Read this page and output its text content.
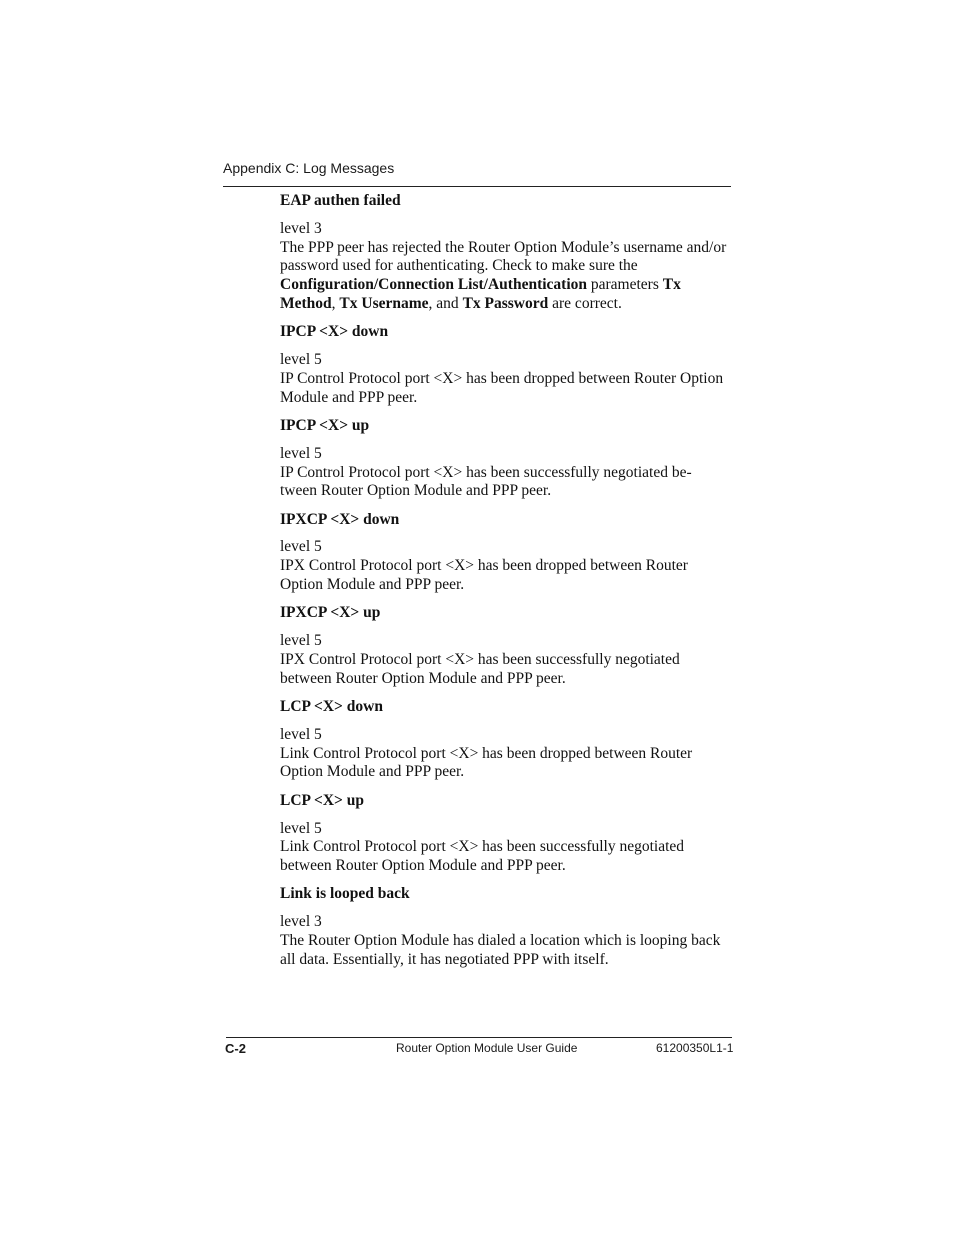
Appendix C: Log Messages
EAP authen failed
level 3
The PPP peer has rejected the Router Option Module’s username and/or password used for authenticating. Check to make sure the Configuration/Connection List/Authentication parameters Tx Method, Tx Username, and Tx Password are correct.
IPCP <X> down
level 5
IP Control Protocol port <X> has been dropped between Router Option Module and PPP peer.
IPCP <X> up
level 5
IP Control Protocol port <X> has been successfully negotiated be- tween Router Option Module and PPP peer.
IPXCP <X> down
level 5
IPX Control Protocol port <X> has been dropped between Router Option Module and PPP peer.
IPXCP <X> up
level 5
IPX Control Protocol port <X> has been successfully negotiated between Router Option Module and PPP peer.
LCP <X> down
level 5
Link Control Protocol port <X> has been dropped between Router Option Module and PPP peer.
LCP <X> up
level 5
Link Control Protocol port <X> has been successfully negotiated between Router Option Module and PPP peer.
Link is looped back
level 3
The Router Option Module has dialed a location which is looping back all data. Essentially, it has negotiated PPP with itself.
C-2	Router Option Module User Guide	61200350L1-1
